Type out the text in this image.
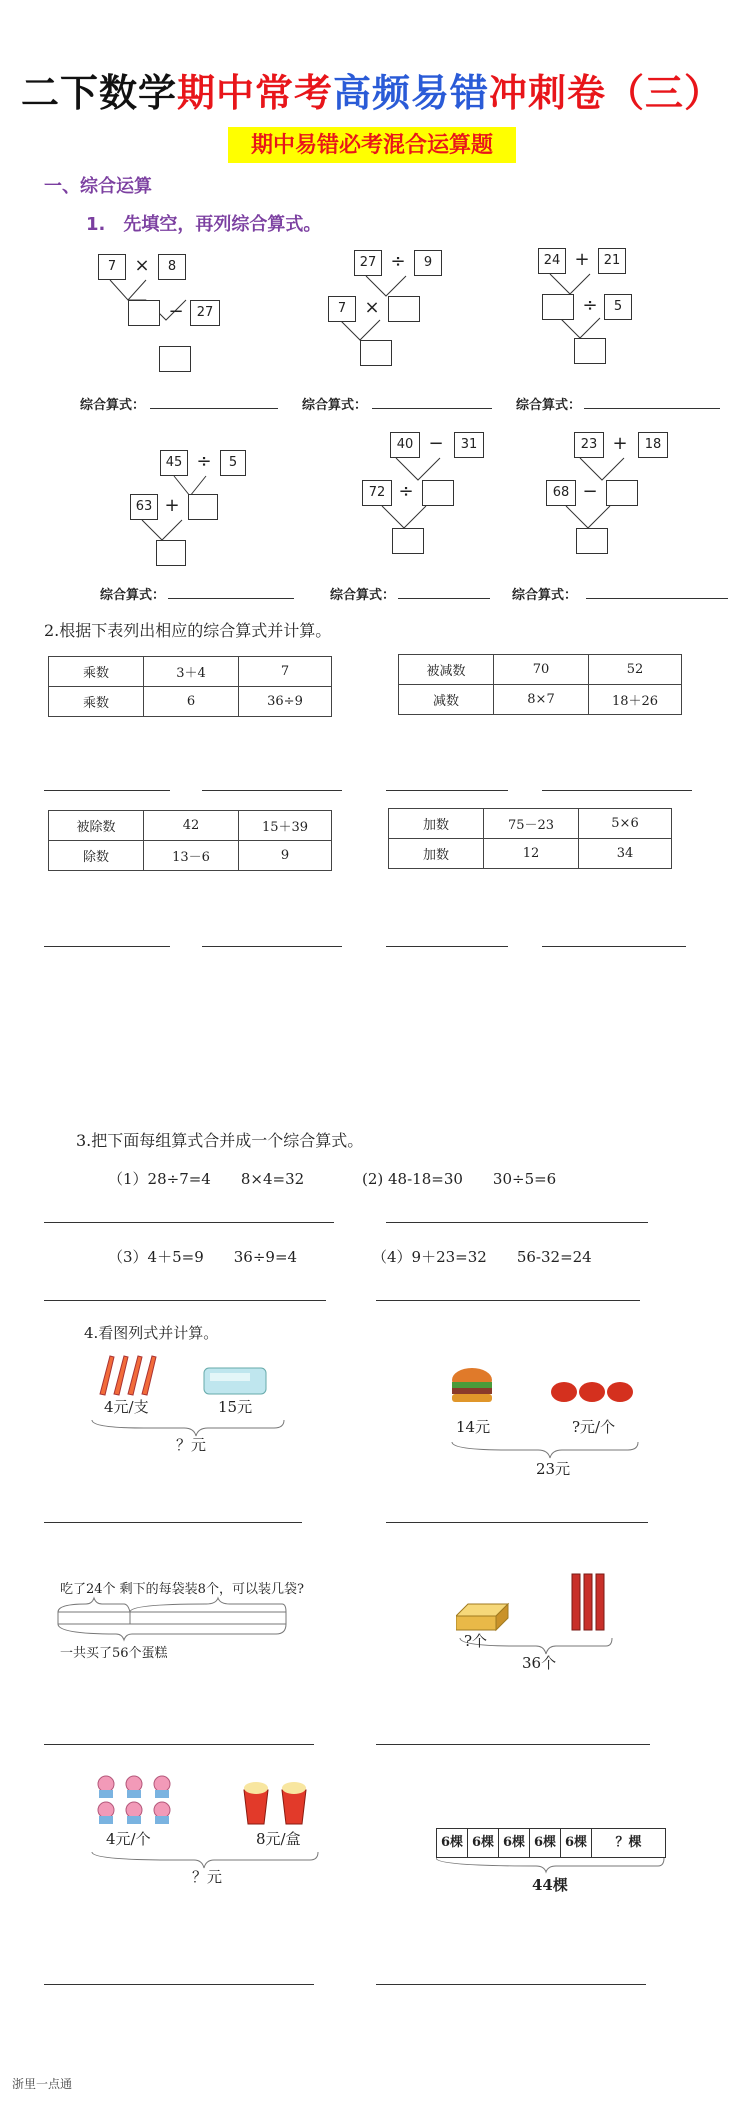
二下数学期中常考高频易错冲刺卷（三）
期中易错必考混合运算题
一、综合运算
1.　先填空，再列综合算式。
7	×	8
−	27
27 ÷	9
7	×
24 +	21
÷	5
综合算式：	综合算式：	综合算式：
45 ÷	5
63 +
40 −	31
72 ÷
23 +	18
68 −
综合算式：	综合算式：	综合算式：
2.根据下表列出相应的综合算式并计算。
乘数	3＋4	7
乘数	6	36÷9
被减数	70	52
减数	8×7	18＋26
被除数	42	15＋39
除数	13－6	9
加数	75－23	5×6
加数	12	34
3.把下面每组算式合并成一个综合算式。
（1）28÷7=4　　8×4=32	(2) 48-18=30　　30÷5=6
（3）4＋5=9　　36÷9=4	（4）9＋23=32　　56-32=24
4.看图列式并计算。
4元/支	15元
？元
14元	?元/个
23元
吃了24个 剩下的每袋装8个，可以装几袋?
一共买了56个蛋糕
?个
36个
4元/个	8元/盒
？元
6棵 6棵 6棵 6棵 6棵	？棵
44棵
浙里一点通
